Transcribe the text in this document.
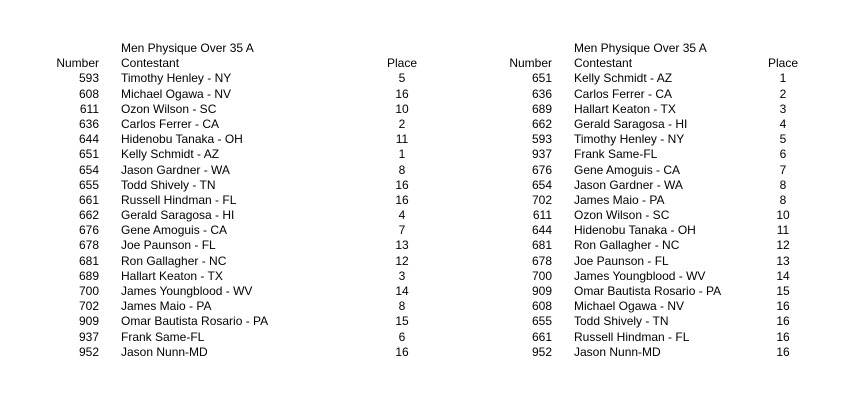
Men Physique Over 35 A
Number Contestant	Place
593 Timothy Henley - NY	5
608 Michael Ogawa - NV	16
611 Ozon Wilson - SC	10
636 Carlos Ferrer - CA	2
644 Hidenobu Tanaka - OH	11
651 Kelly Schmidt - AZ	1
654 Jason Gardner - WA	8
655 Todd Shively - TN	16
661 Russell Hindman - FL	16
662 Gerald Saragosa - HI	4
676 Gene Amoguis - CA	7
678 Joe Paunson - FL	13
681 Ron Gallagher - NC	12
689 Hallart Keaton - TX	3
700 James Youngblood - WV	14
702 James Maio - PA	8
909 Omar Bautista Rosario - PA	15
937 Frank Same-FL	6
952 Jason Nunn-MD	16
Men Physique Over 35 A
Number Contestant	Place
651 Kelly Schmidt - AZ	1
636 Carlos Ferrer - CA	2
689 Hallart Keaton - TX	3
662 Gerald Saragosa - HI	4
593 Timothy Henley - NY	5
937 Frank Same-FL	6
676 Gene Amoguis - CA	7
654 Jason Gardner - WA	8
702 James Maio - PA	8
611 Ozon Wilson - SC	10
644 Hidenobu Tanaka - OH	11
681 Ron Gallagher - NC	12
678 Joe Paunson - FL	13
700 James Youngblood - WV	14
909 Omar Bautista Rosario - PA	15
608 Michael Ogawa - NV	16
655 Todd Shively - TN	16
661 Russell Hindman - FL	16
952 Jason Nunn-MD	16
